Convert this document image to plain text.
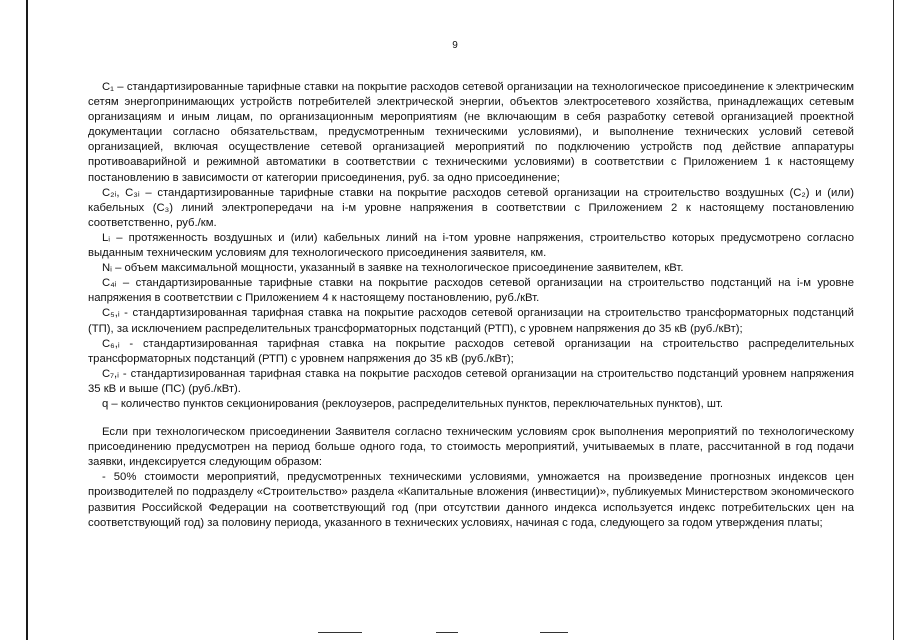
9

C₁ – стандартизированные тарифные ставки на покрытие расходов сетевой организации на технологическое присоединение к электрическим сетям энергопринимающих устройств потребителей электрической энергии, объектов электросетевого хозяйства, принадлежащих сетевым организациям и иным лицам, по организационным мероприятиям (не включающим в себя разработку сетевой организацией проектной документации согласно обязательствам, предусмотренным техническими условиями), и выполнение технических условий сетевой организацией, включая осуществление сетевой организацией мероприятий по подключению устройств под действие аппаратуры противоаварийной и режимной автоматики в соответствии с техническими условиями) в соответствии с Приложением 1 к настоящему постановлению в зависимости от категории присоединения, руб. за одно присоединение;

C₂ᵢ, C₃ᵢ – стандартизированные тарифные ставки на покрытие расходов сетевой организации на строительство воздушных (C₂) и (или) кабельных (C₃) линий электропередачи на i-м уровне напряжения в соответствии с Приложением 2 к настоящему постановлению соответственно, руб./км.

Lᵢ – протяженность воздушных и (или) кабельных линий на i-том уровне напряжения, строительство которых предусмотрено согласно выданным техническим условиям для технологического присоединения заявителя, км.

Nᵢ – объем максимальной мощности, указанный в заявке на технологическое присоединение заявителем, кВт.

C₄ᵢ – стандартизированные тарифные ставки на покрытие расходов сетевой организации на строительство подстанций на i-м уровне напряжения в соответствии с Приложением 4 к настоящему постановлению, руб./кВт.

C₅,ᵢ - стандартизированная тарифная ставка на покрытие расходов сетевой организации на строительство трансформаторных подстанций (ТП), за исключением распределительных трансформаторных подстанций (РТП), с уровнем напряжения до 35 кВ (руб./кВт);

C₆,ᵢ - стандартизированная тарифная ставка на покрытие расходов сетевой организации на строительство распределительных трансформаторных подстанций (РТП) с уровнем напряжения до 35 кВ (руб./кВт);

C₇,ᵢ - стандартизированная тарифная ставка на покрытие расходов сетевой организации на строительство подстанций уровнем напряжения 35 кВ и выше (ПС) (руб./кВт).

q – количество пунктов секционирования (реклоузеров, распределительных пунктов, переключательных пунктов), шт.

Если при технологическом присоединении Заявителя согласно техническим условиям срок выполнения мероприятий по технологическому присоединению предусмотрен на период больше одного года, то стоимость мероприятий, учитываемых в плате, рассчитанной в год подачи заявки, индексируется следующим образом:

- 50% стоимости мероприятий, предусмотренных техническими условиями, умножается на произведение прогнозных индексов цен производителей по подразделу «Строительство» раздела «Капитальные вложения (инвестиции)», публикуемых Министерством экономического развития Российской Федерации на соответствующий год (при отсутствии данного индекса используется индекс потребительских цен на соответствующий год) за половину периода, указанного в технических условиях, начиная с года, следующего за годом утверждения платы;
